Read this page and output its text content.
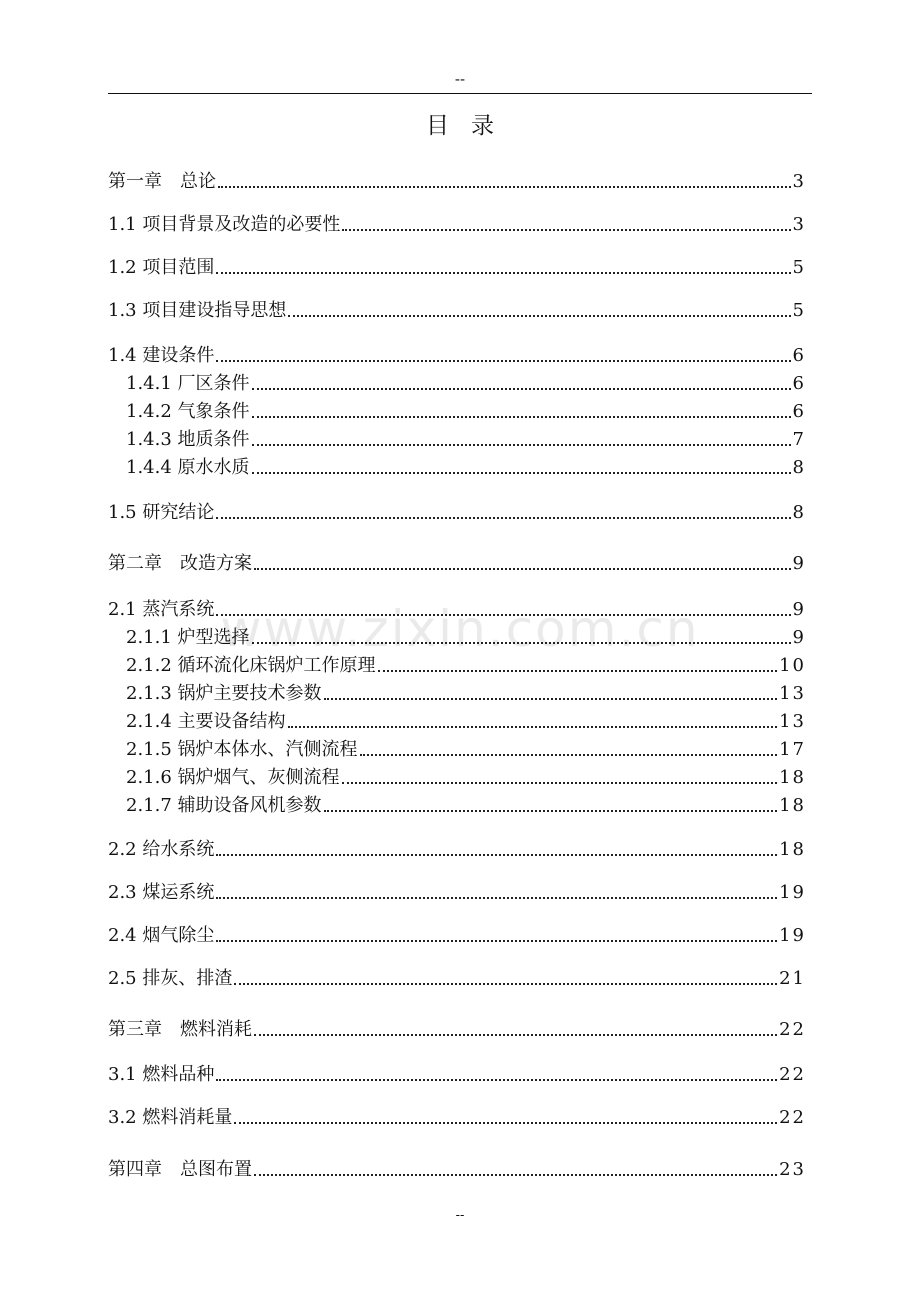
--
目录
www.zixin.com.cn
第一章　总论	3
1.1 项目背景及改造的必要性	3
1.2 项目范围	5
1.3 项目建设指导思想	5
1.4 建设条件	6
1.4.1 厂区条件	6
1.4.2 气象条件	6
1.4.3 地质条件	7
1.4.4 原水水质	8
1.5 研究结论	8
第二章　改造方案	9
2.1 蒸汽系统	9
2.1.1 炉型选择	9
2.1.2 循环流化床锅炉工作原理	10
2.1.3 锅炉主要技术参数	13
2.1.4 主要设备结构	13
2.1.5 锅炉本体水、汽侧流程	17
2.1.6 锅炉烟气、灰侧流程	18
2.1.7 辅助设备风机参数	18
2.2 给水系统	18
2.3 煤运系统	19
2.4 烟气除尘	19
2.5 排灰、排渣	21
第三章　燃料消耗	22
3.1 燃料品种	22
3.2 燃料消耗量	22
第四章　总图布置	23
--
